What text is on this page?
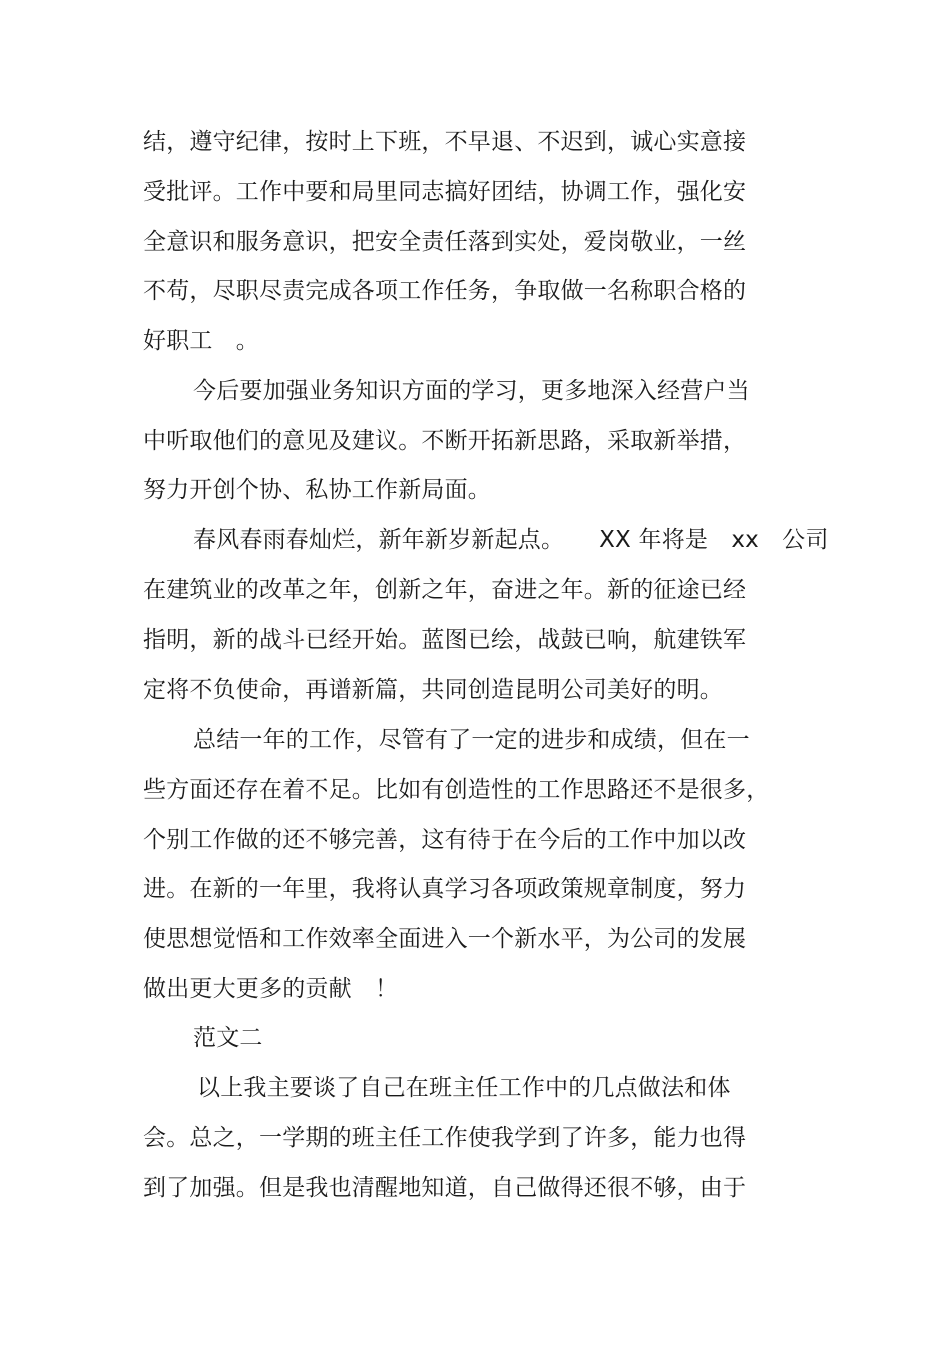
结，遵守纪律，按时上下班，不早退、不迟到，诚心实意接
受批评。工作中要和局里同志搞好团结，协调工作，强化安
全意识和服务意识，把安全责任落到实处，爱岗敬业，一丝
不苟，尽职尽责完成各项工作任务，争取做一名称职合格的
好职工　。
今后要加强业务知识方面的学习，更多地深入经营户当
中听取他们的意见及建议。不断开拓新思路，采取新举措，
努力开创个协、私协工作新局面。
春风春雨春灿烂，新年新岁新起点。　　XX 年将是　xx　公司
在建筑业的改革之年，创新之年，奋进之年。新的征途已经
指明，新的战斗已经开始。蓝图已绘，战鼓已响，航建铁军
定将不负使命，再谱新篇，共同创造昆明公司美好的明。
总结一年的工作，尽管有了一定的进步和成绩，但在一
些方面还存在着不足。比如有创造性的工作思路还不是很多，
个别工作做的还不够完善，这有待于在今后的工作中加以改
进。在新的一年里，我将认真学习各项政策规章制度，努力
使思想觉悟和工作效率全面进入一个新水平，为公司的发展
做出更大更多的贡献　！
范文二
以上我主要谈了自己在班主任工作中的几点做法和体
会。总之，一学期的班主任工作使我学到了许多，能力也得
到了加强。但是我也清醒地知道，自己做得还很不够，由于
